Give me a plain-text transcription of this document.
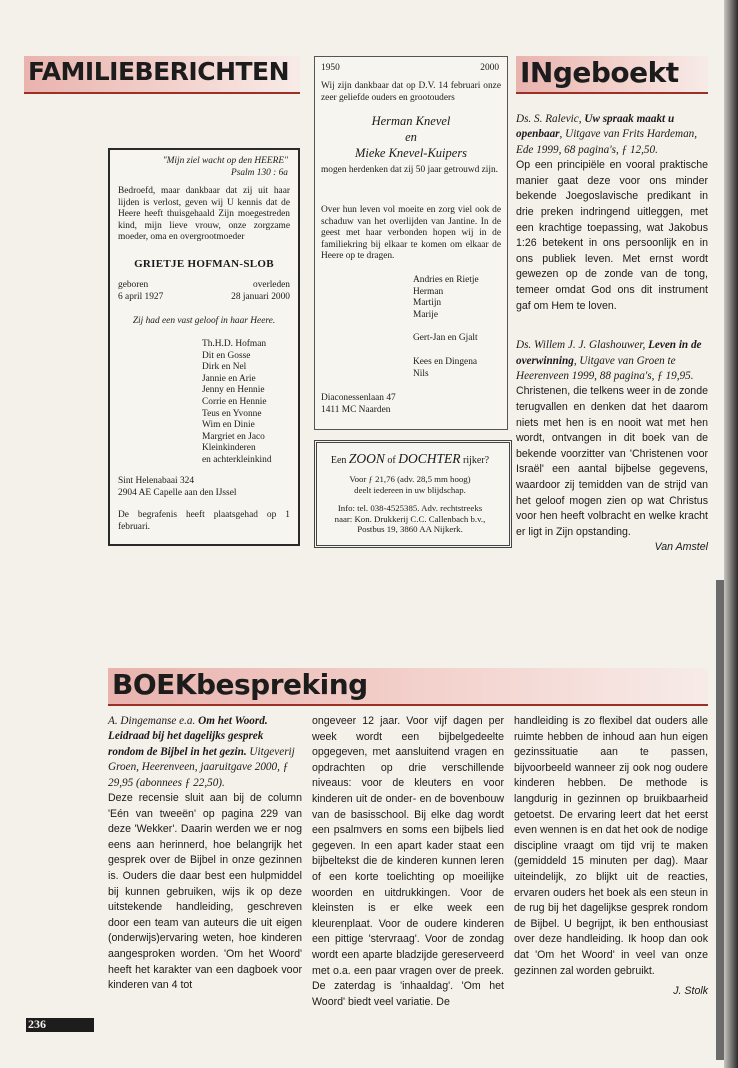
FAMILIEBERICHTEN	INgeboekt
BOEKbespreking
"Mijn ziel wacht op den HEERE"
Psalm 130 : 6a
Bedroefd, maar dankbaar dat zij uit haar lijden is verlost, geven wij U kennis dat de Heere heeft thuisgehaald Zijn moegestreden kind, mijn lieve vrouw, onze zorgzame moeder, oma en overgrootmoeder
GRIETJE HOFMAN-SLOB
geboren
6 april 1927
overleden
28 januari 2000
Zij had een vast geloof in haar Heere.
Th.H.D. Hofman
Dit en Gosse
Dirk en Nel
Jannie en Arie
Jenny en Hennie
Corrie en Hennie
Teus en Yvonne
Wim en Dinie
Margriet en Jaco
Kleinkinderen
en achterkleinkind
Sint Helenabaai 324
2904 AE Capelle aan den IJssel
De begrafenis heeft plaatsgehad op 1 februari.
1950	2000
Wij zijn dankbaar dat op D.V. 14 februari onze zeer geliefde ouders en grootouders
Herman Knevel
en
Mieke Knevel-Kuipers
mogen herdenken dat zij 50 jaar getrouwd zijn.
Over hun leven vol moeite en zorg viel ook de schaduw van het overlijden van Jantine. In de geest met haar verbonden hopen wij in de familiekring bij elkaar te komen om elkaar de Heere op te dragen.
Andries en Rietje
Herman
Martijn
Marije
Gert-Jan en Gjalt
Kees en Dingena
Nils
Diaconessenlaan 47
1411 MC Naarden
Een ZOON of DOCHTER rijker?
Voor ƒ 21,76 (adv. 28,5 mm hoog)
deelt iedereen in uw blijdschap.
Info: tel. 038-4525385. Adv. rechtstreeks
naar: Kon. Drukkerij C.C. Callenbach b.v.,
Postbus 19, 3860 AA Nijkerk.

Ds. S. Ralevic, Uw spraak maakt u openbaar, Uitgave van Frits Hardeman, Ede 1999, 68 pagina's, ƒ 12,50.

Op een principiële en vooral praktische manier gaat deze voor ons minder bekende Joegoslavische predikant in drie preken indringend uitleggen, met een krachtige toepassing, wat Jakobus 1:26 betekent in ons persoonlijk en in ons publiek leven. Met ernst wordt gewezen op de zonde van de tong, temeer omdat God ons dit instrument gaf om Hem te loven.

Ds. Willem J. J. Glashouwer, Leven in de overwinning, Uitgave van Groen te Heerenveen 1999, 88 pagina's, ƒ 19,95.

Christenen, die telkens weer in de zonde terugvallen en denken dat het daarom niets met hen is en nooit wat met hen wordt, ontvangen in dit boek van de bekende voorzitter van 'Christenen voor Israël' een aantal bijbelse gegevens, waardoor zij temidden van de strijd van het geloof mogen zien op wat Christus voor hen heeft volbracht en welke kracht er ligt in Zijn opstanding.

Van Amstel

A. Dingemanse e.a. Om het Woord. Leidraad bij het dagelijks gesprek rondom de Bijbel in het gezin. Uitgeverij Groen, Heerenveen, jaaruitgave 2000, ƒ 29,95 (abonnees ƒ 22,50).

Deze recensie sluit aan bij de column 'Eén van tweeën' op pagina 229 van deze 'Wekker'. Daarin werden we er nog eens aan herinnerd, hoe belangrijk het gesprek over de Bijbel in onze gezinnen is. Ouders die daar best een hulpmiddel bij kunnen gebruiken, wijs ik op deze uitstekende handleiding, geschreven door een team van auteurs die uit eigen (onderwijs)ervaring weten, hoe kinderen aangesproken worden. 'Om het Woord' heeft het karakter van een dagboek voor kinderen van 4 tot

ongeveer 12 jaar. Voor vijf dagen per week wordt een bijbelgedeelte opgegeven, met aansluitend vragen en opdrachten op drie verschillende niveaus: voor de kleuters en voor kinderen uit de onder- en de bovenbouw van de basisschool. Bij elke dag wordt een psalmvers en soms een bijbels lied gegeven. In een apart kader staat een bijbeltekst die de kinderen kunnen leren of een korte toelichting op moeilijke woorden en uitdrukkingen. Voor de kleinsten is er elke week een kleurenplaat. Voor de oudere kinderen een pittige 'stervraag'. Voor de zondag wordt een aparte bladzijde gereserveerd met o.a. een paar vragen over de preek. De zaterdag is 'inhaaldag'. 'Om het Woord' biedt veel variatie. De

handleiding is zo flexibel dat ouders alle ruimte hebben de inhoud aan hun eigen gezinssituatie aan te passen, bijvoorbeeld wanneer zij ook nog oudere kinderen hebben. De methode is langdurig in gezinnen op bruikbaarheid getoetst. De ervaring leert dat het eerst even wennen is en dat het ook de nodige discipline vraagt om tijd vrij te maken (gemiddeld 15 minuten per dag). Maar uiteindelijk, zo blijkt uit de reacties, ervaren ouders het boek als een steun in de rug bij het dagelijkse gesprek rondom de Bijbel. U begrijpt, ik ben enthousiast over deze handleiding. Ik hoop dan ook dat 'Om het Woord' in veel van onze gezinnen zal worden gebruikt.

J. Stolk

236
